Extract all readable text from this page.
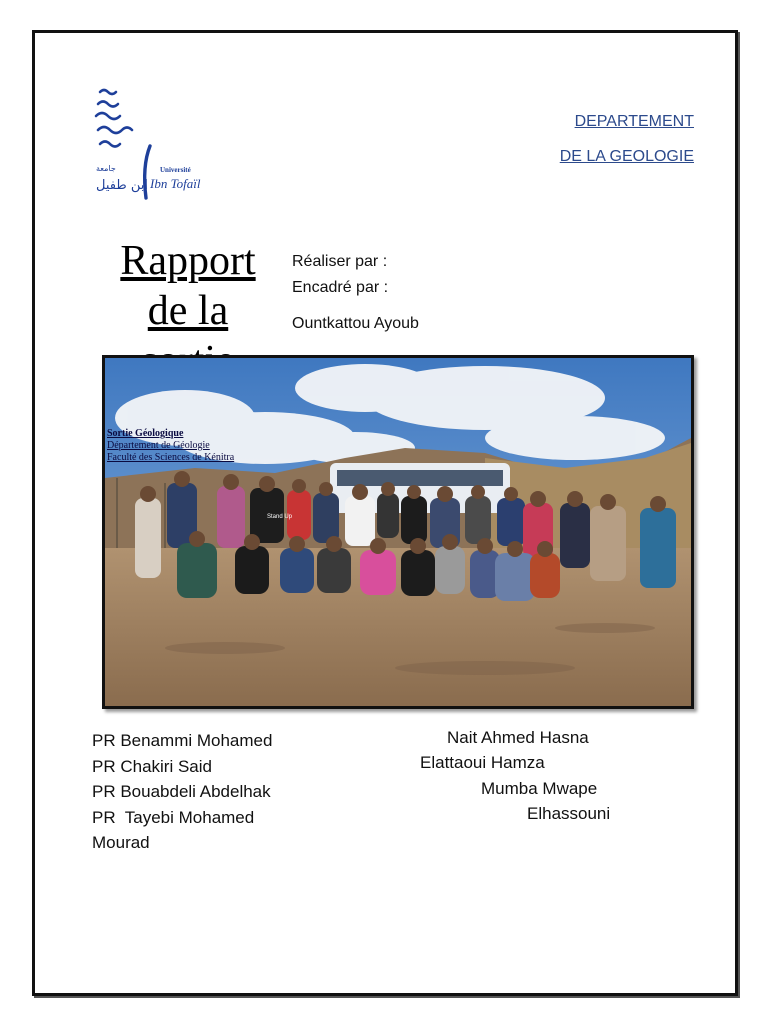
Université
Ibn Tofaïl
ابن طفيل
جامعة
DEPARTEMENT
DE LA GEOLOGIE
Rapport
de la
Réaliser par :
Encadré par :
Ountkattou Ayoub
Stand Up
Sortie Géologique
Département de Géologie
Faculté des Sciences de Kénitra
PR Benammi Mohamed
PR Chakiri Said
PR Bouabdeli Abdelhak
PR  Tayebi Mohamed
Mourad
Nait Ahmed Hasna
Elattaoui Hamza
Mumba Mwape
Elhassouni
